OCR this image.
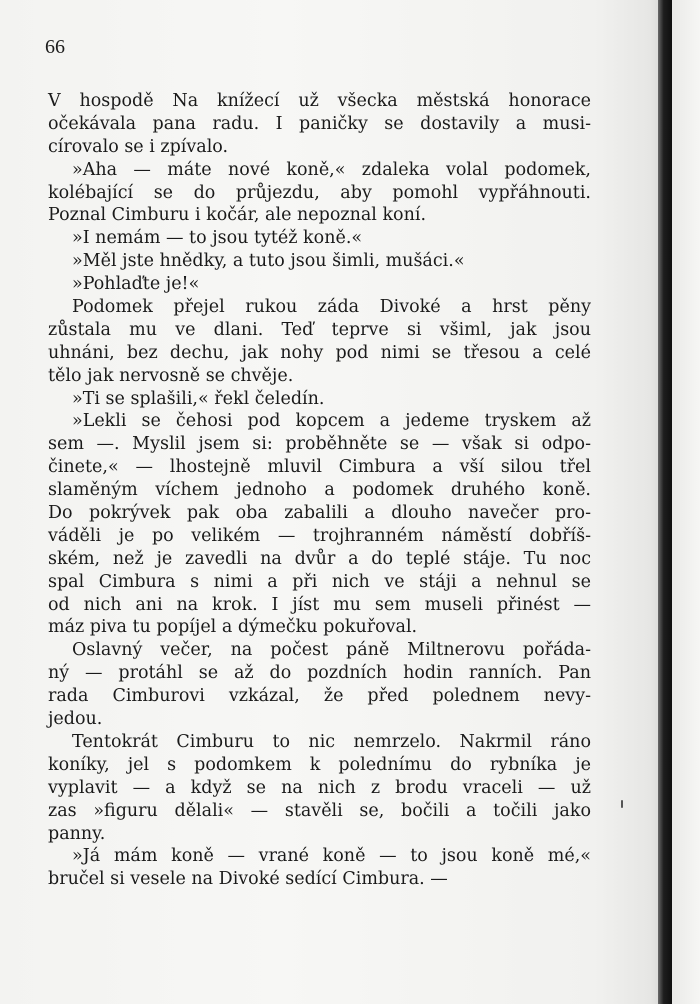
66
V hospodě Na knížecí už všecka městská honorace
očekávala pana radu. I paničky se dostavily a musi-
círovalo se i zpívalo.
»Aha — máte nové koně,« zdaleka volal podomek,
kolébající se do průjezdu, aby pomohl vypřáhnouti.
Poznal Cimburu i kočár, ale nepoznal koní.
»I nemám — to jsou tytéž koně.«
»Měl jste hnědky, a tuto jsou šimli, mušáci.«
»Pohlaďte je!«
Podomek přejel rukou záda Divoké a hrst pěny
zůstala mu ve dlani. Teď teprve si všiml, jak jsou
uhnáni, bez dechu, jak nohy pod nimi se třesou a celé
tělo jak nervosně se chvěje.
»Ti se splašili,« řekl čeledín.
»Lekli se čehosi pod kopcem a jedeme tryskem až
sem —. Myslil jsem si: proběhněte se — však si odpo-
činete,« — lhostejně mluvil Cimbura a vší silou třel
slaměným víchem jednoho a podomek druhého koně.
Do pokrývek pak oba zabalili a dlouho navečer pro-
váděli je po velikém — trojhranném náměstí dobříš-
ském, než je zavedli na dvůr a do teplé stáje. Tu noc
spal Cimbura s nimi a při nich ve stáji a nehnul se
od nich ani na krok. I jíst mu sem museli přinést —
máz piva tu popíjel a dýmečku pokuřoval.
Oslavný večer, na počest páně Miltnerovu pořáda-
ný — protáhl se až do pozdních hodin ranních. Pan
rada Cimburovi vzkázal, že před polednem nevy-
jedou.
Tentokrát Cimburu to nic nemrzelo. Nakrmil ráno
koníky, jel s podomkem k polednímu do rybníka je
vyplavit — a když se na nich z brodu vraceli — už
zas »figuru dělali« — stavěli se, bočili a točili jako
panny.
»Já mám koně — vrané koně — to jsou koně mé,«
bručel si vesele na Divoké sedící Cimbura. —
